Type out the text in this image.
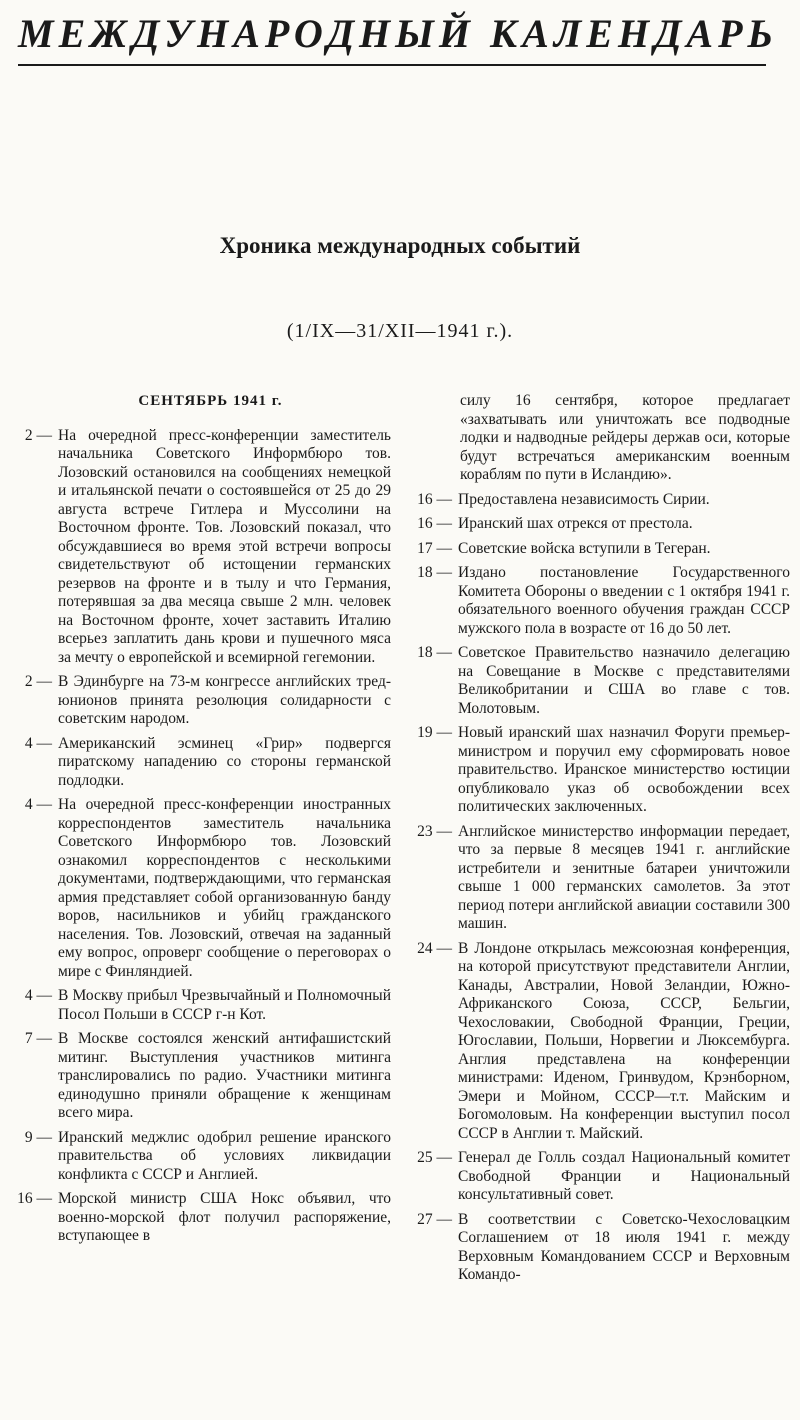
МЕЖДУНАРОДНЫЙ КАЛЕНДАРЬ
Хроника международных событий
(1/IX—31/XII—1941 г.).
СЕНТЯБРЬ 1941 г.
2 — На очередной пресс-конференции заместитель начальника Советского Информбюро тов. Лозовский остановился на сообщениях немецкой и итальянской печати о состоявшейся от 25 до 29 августа встрече Гитлера и Муссолини на Восточном фронте. Тов. Лозовский показал, что обсуждавшиеся во время этой встречи вопросы свидетельствуют об истощении германских резервов на фронте и в тылу и что Германия, потерявшая за два месяца свыше 2 млн. человек на Восточном фронте, хочет заставить Италию всерьез заплатить дань крови и пушечного мяса за мечту о европейской и всемирной гегемонии.
2 — В Эдинбурге на 73-м конгрессе английских тред-юнионов принята резолюция солидарности с советским народом.
4 — Американский эсминец «Грир» подвергся пиратскому нападению со стороны германской подлодки.
4 — На очередной пресс-конференции иностранных корреспондентов заместитель начальника Советского Информбюро тов. Лозовский ознакомил корреспондентов с несколькими документами, подтверждающими, что германская армия представляет собой организованную банду воров, насильников и убийц гражданского населения. Тов. Лозовский, отвечая на заданный ему вопрос, опроверг сообщение о переговорах о мире с Финляндией.
4 — В Москву прибыл Чрезвычайный и Полномочный Посол Польши в СССР г-н Кот.
7 — В Москве состоялся женский антифашистский митинг. Выступления участников митинга транслировались по радио. Участники митинга единодушно приняли обращение к женщинам всего мира.
9 — Иранский меджлис одобрил решение иранского правительства об условиях ликвидации конфликта с СССР и Англией.
16 — Морской министр США Нокс объявил, что военно-морской флот получил распоряжение, вступающее в
силу 16 сентября, которое предлагает «захватывать или уничтожать все подводные лодки и надводные рейдеры держав оси, которые будут встречаться американским военным кораблям по пути в Исландию».
16 — Предоставлена независимость Сирии.
16 — Иранский шах отрекся от престола.
17 — Советские войска вступили в Тегеран.
18 — Издано постановление Государственного Комитета Обороны о введении с 1 октября 1941 г. обязательного военного обучения граждан СССР мужского пола в возрасте от 16 до 50 лет.
18 — Советское Правительство назначило делегацию на Совещание в Москве с представителями Великобритании и США во главе с тов. Молотовым.
19 — Новый иранский шах назначил Форуги премьер-министром и поручил ему сформировать новое правительство. Иранское министерство юстиции опубликовало указ об освобождении всех политических заключенных.
23 — Английское министерство информации передает, что за первые 8 месяцев 1941 г. английские истребители и зенитные батареи уничтожили свыше 1 000 германских самолетов. За этот период потери английской авиации составили 300 машин.
24 — В Лондоне открылась межсоюзная конференция, на которой присутствуют представители Англии, Канады, Австралии, Новой Зеландии, Южно-Африканского Союза, СССР, Бельгии, Чехословакии, Свободной Франции, Греции, Югославии, Польши, Норвегии и Люксембурга. Англия представлена на конференции министрами: Иденом, Гринвудом, Крэнборном, Эмери и Мойном, СССР—т.т. Майским и Богомоловым. На конференции выступил посол СССР в Англии т. Майский.
25 — Генерал де Голль создал Национальный комитет Свободной Франции и Национальный консультативный совет.
27 — В соответствии с Советско-Чехословацким Соглашением от 18 июля 1941 г. между Верховным Командованием СССР и Верховным Командо-
